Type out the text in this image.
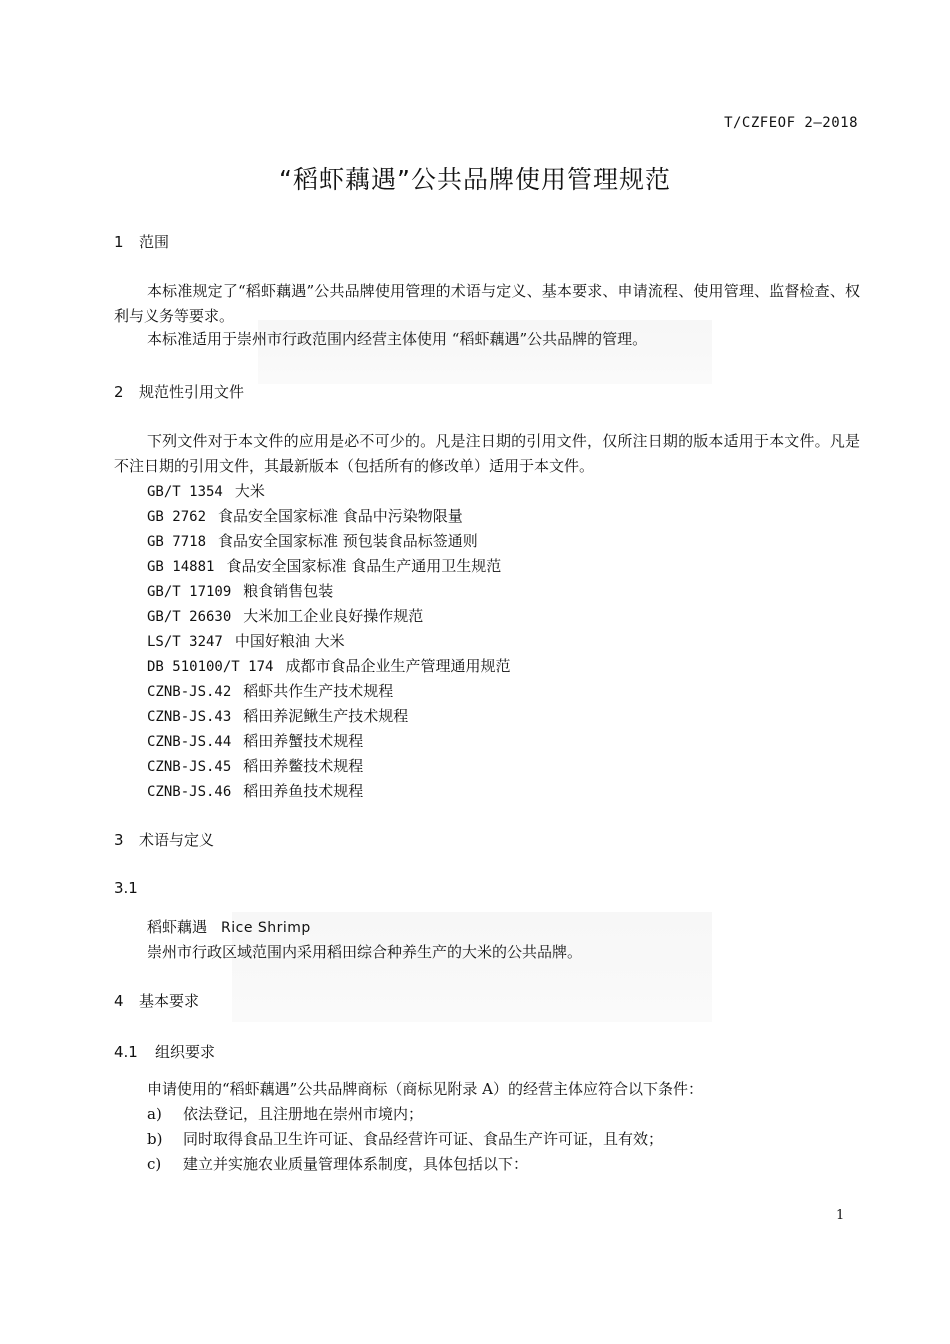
T/CZFEOF 2—2018
“稻虾藕遇”公共品牌使用管理规范
1 范围
本标准规定了“稻虾藕遇”公共品牌使用管理的术语与定义、基本要求、申请流程、使用管理、监督检查、权利与义务等要求。
本标准适用于崇州市行政范围内经营主体使用 “稻虾藕遇”公共品牌的管理。
2 规范性引用文件
下列文件对于本文件的应用是必不可少的。凡是注日期的引用文件，仅所注日期的版本适用于本文件。凡是不注日期的引用文件，其最新版本（包括所有的修改单）适用于本文件。
GB/T 1354 大米
GB 2762 食品安全国家标准 食品中污染物限量
GB 7718 食品安全国家标准 预包装食品标签通则
GB 14881 食品安全国家标准 食品生产通用卫生规范
GB/T 17109 粮食销售包装
GB/T 26630 大米加工企业良好操作规范
LS/T 3247 中国好粮油 大米
DB 510100/T 174 成都市食品企业生产管理通用规范
CZNB-JS.42 稻虾共作生产技术规程
CZNB-JS.43 稻田养泥鳅生产技术规程
CZNB-JS.44 稻田养蟹技术规程
CZNB-JS.45 稻田养鳖技术规程
CZNB-JS.46 稻田养鱼技术规程
3 术语与定义
3.1
稻虾藕遇 Rice Shrimp
崇州市行政区域范围内采用稻田综合种养生产的大米的公共品牌。
4 基本要求
4.1 组织要求
申请使用的“稻虾藕遇”公共品牌商标（商标见附录 A）的经营主体应符合以下条件：
a) 依法登记，且注册地在崇州市境内；
b) 同时取得食品卫生许可证、食品经营许可证、食品生产许可证，且有效；
c) 建立并实施农业质量管理体系制度，具体包括以下：
1
